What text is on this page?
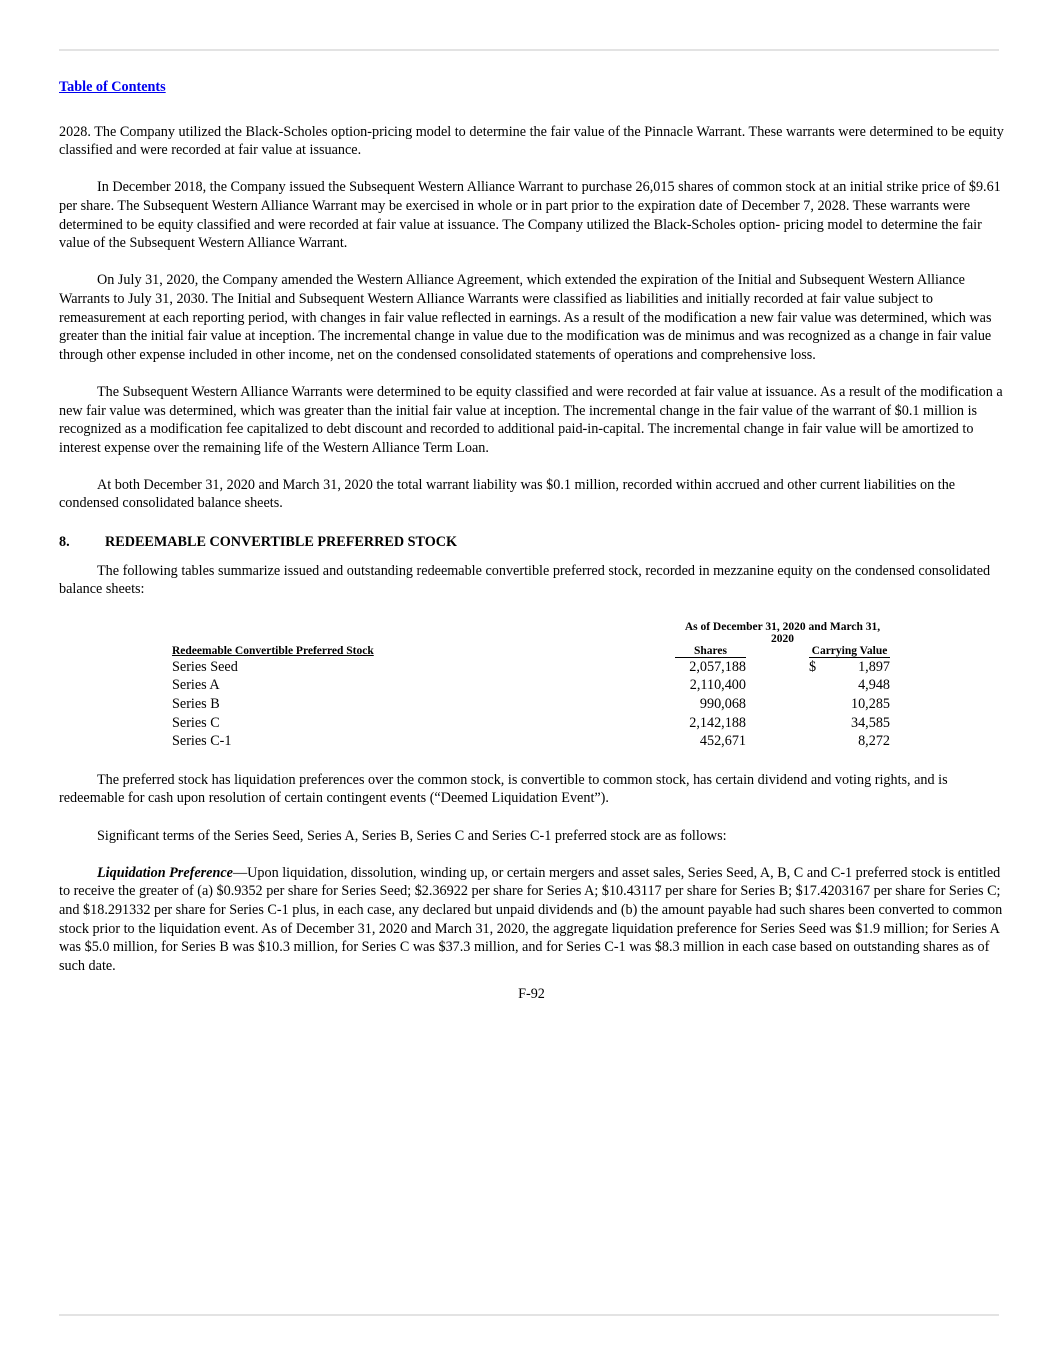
Table of Contents

2028. The Company utilized the Black-Scholes option-pricing model to determine the fair value of the Pinnacle Warrant. These warrants were determined to be equity classified and were recorded at fair value at issuance.

In December 2018, the Company issued the Subsequent Western Alliance Warrant to purchase 26,015 shares of common stock at an initial strike price of $9.61 per share. The Subsequent Western Alliance Warrant may be exercised in whole or in part prior to the expiration date of December 7, 2028. These warrants were determined to be equity classified and were recorded at fair value at issuance. The Company utilized the Black-Scholes option- pricing model to determine the fair value of the Subsequent Western Alliance Warrant.

On July 31, 2020, the Company amended the Western Alliance Agreement, which extended the expiration of the Initial and Subsequent Western Alliance Warrants to July 31, 2030. The Initial and Subsequent Western Alliance Warrants were classified as liabilities and initially recorded at fair value subject to remeasurement at each reporting period, with changes in fair value reflected in earnings. As a result of the modification a new fair value was determined, which was greater than the initial fair value at inception. The incremental change in value due to the modification was de minimus and was recognized as a change in fair value through other expense included in other income, net on the condensed consolidated statements of operations and comprehensive loss.

The Subsequent Western Alliance Warrants were determined to be equity classified and were recorded at fair value at issuance. As a result of the modification a new fair value was determined, which was greater than the initial fair value at inception. The incremental change in the fair value of the warrant of $0.1 million is recognized as a modification fee capitalized to debt discount and recorded to additional paid-in-capital. The incremental change in fair value will be amortized to interest expense over the remaining life of the Western Alliance Term Loan.

At both December 31, 2020 and March 31, 2020 the total warrant liability was $0.1 million, recorded within accrued and other current liabilities on the condensed consolidated balance sheets.

8. REDEEMABLE CONVERTIBLE PREFERRED STOCK

The following tables summarize issued and outstanding redeemable convertible preferred stock, recorded in mezzanine equity on the condensed consolidated balance sheets:

		As of December 31, 2020 and March 31, 2020			
Redeemable Convertible Preferred Stock		Shares		Carrying Value	
Series Seed		2,057,188		$	1,897
Series A		2,110,400			4,948
Series B		990,068			10,285
Series C		2,142,188			34,585
Series C-1		452,671			8,272

The preferred stock has liquidation preferences over the common stock, is convertible to common stock, has certain dividend and voting rights, and is redeemable for cash upon resolution of certain contingent events (“Deemed Liquidation Event”).

Significant terms of the Series Seed, Series A, Series B, Series C and Series C-1 preferred stock are as follows:

Liquidation Preference—Upon liquidation, dissolution, winding up, or certain mergers and asset sales, Series Seed, A, B, C and C-1 preferred stock is entitled to receive the greater of (a) $0.9352 per share for Series Seed; $2.36922 per share for Series A; $10.43117 per share for Series B; $17.4203167 per share for Series C; and $18.291332 per share for Series C-1 plus, in each case, any declared but unpaid dividends and (b) the amount payable had such shares been converted to common stock prior to the liquidation event. As of December 31, 2020 and March 31, 2020, the aggregate liquidation preference for Series Seed was $1.9 million; for Series A was $5.0 million, for Series B was $10.3 million, for Series C was $37.3 million, and for Series C-1 was $8.3 million in each case based on outstanding shares as of such date.

F-92
